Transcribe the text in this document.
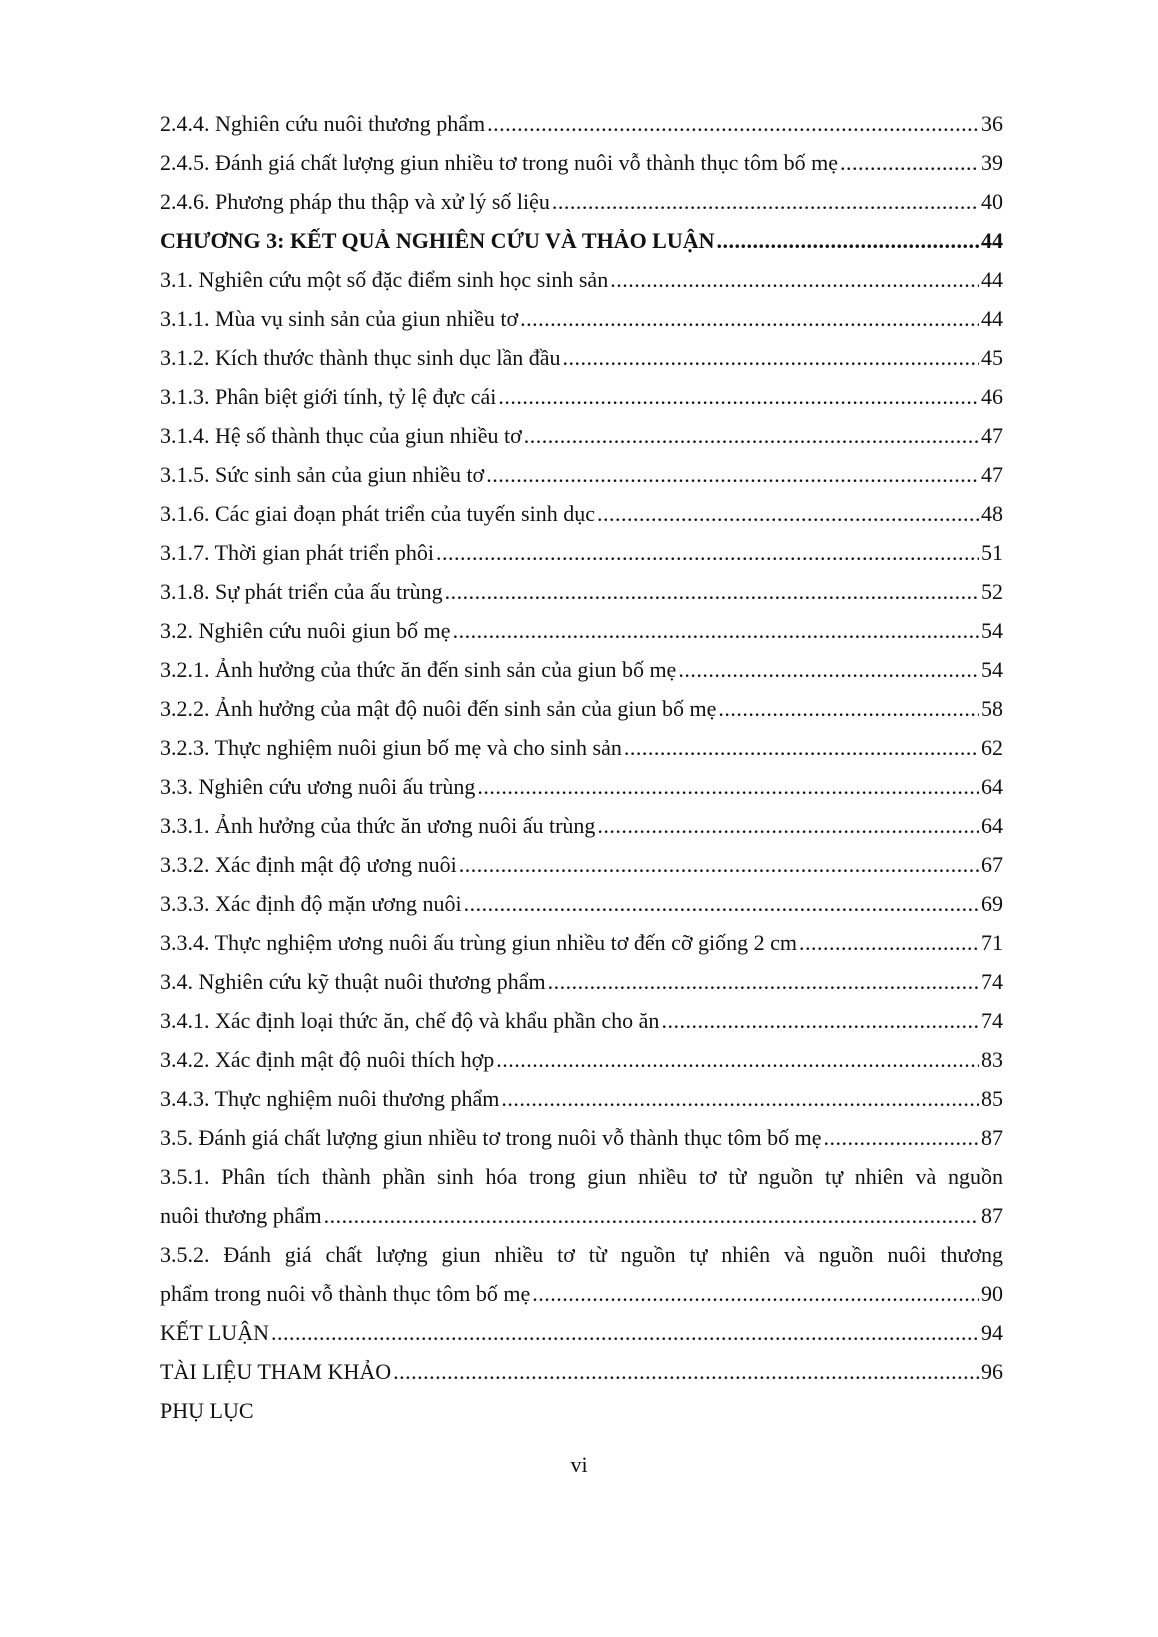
2.4.4. Nghiên cứu nuôi thương phẩm .....	36
2.4.5. Đánh giá chất lượng giun nhiều tơ trong nuôi vỗ thành thục tôm bố mẹ .....	39
2.4.6. Phương pháp thu thập và xử lý số liệu .....	40
CHƯƠNG 3: KẾT QUẢ NGHIÊN CỨU VÀ THẢO LUẬN .....	44
3.1. Nghiên cứu một số đặc điểm sinh học sinh sản .....	44
3.1.1. Mùa vụ sinh sản của giun nhiều tơ .....	44
3.1.2. Kích thước thành thục sinh dục lần đầu .....	45
3.1.3. Phân biệt giới tính, tỷ lệ đực cái .....	46
3.1.4. Hệ số thành thục của giun nhiều tơ .....	47
3.1.5. Sức sinh sản của giun nhiều tơ .....	47
3.1.6. Các giai đoạn phát triển của tuyến sinh dục .....	48
3.1.7. Thời gian phát triển phôi .....	51
3.1.8. Sự phát triển của ấu trùng .....	52
3.2. Nghiên cứu nuôi giun bố mẹ .....	54
3.2.1. Ảnh hưởng của thức ăn đến sinh sản của giun bố mẹ .....	54
3.2.2. Ảnh hưởng của mật độ nuôi đến sinh sản của giun bố mẹ .....	58
3.2.3. Thực nghiệm nuôi giun bố mẹ và cho sinh sản .....	62
3.3. Nghiên cứu ương nuôi ấu trùng .....	64
3.3.1. Ảnh hưởng của thức ăn ương nuôi ấu trùng .....	64
3.3.2. Xác định mật độ ương nuôi .....	67
3.3.3. Xác định độ mặn ương nuôi .....	69
3.3.4. Thực nghiệm ương nuôi ấu trùng giun nhiều tơ đến cỡ giống 2 cm .....	71
3.4. Nghiên cứu kỹ thuật nuôi thương phẩm .....	74
3.4.1. Xác định loại thức ăn, chế độ và khẩu phần cho ăn .....	74
3.4.2. Xác định mật độ nuôi thích hợp .....	83
3.4.3. Thực nghiệm nuôi thương phẩm .....	85
3.5. Đánh giá chất lượng giun nhiều tơ trong nuôi vỗ thành thục tôm bố mẹ .....	87
3.5.1. Phân tích thành phần sinh hóa trong giun nhiều tơ từ nguồn tự nhiên và nguồn
nuôi thương phẩm .....	87
3.5.2. Đánh giá chất lượng giun nhiều tơ từ nguồn tự nhiên và nguồn nuôi thương
phẩm trong nuôi vỗ thành thục tôm bố mẹ .....	90
KẾT LUẬN .....	94
TÀI LIỆU THAM KHẢO .....	96
PHỤ LỤC
vi
